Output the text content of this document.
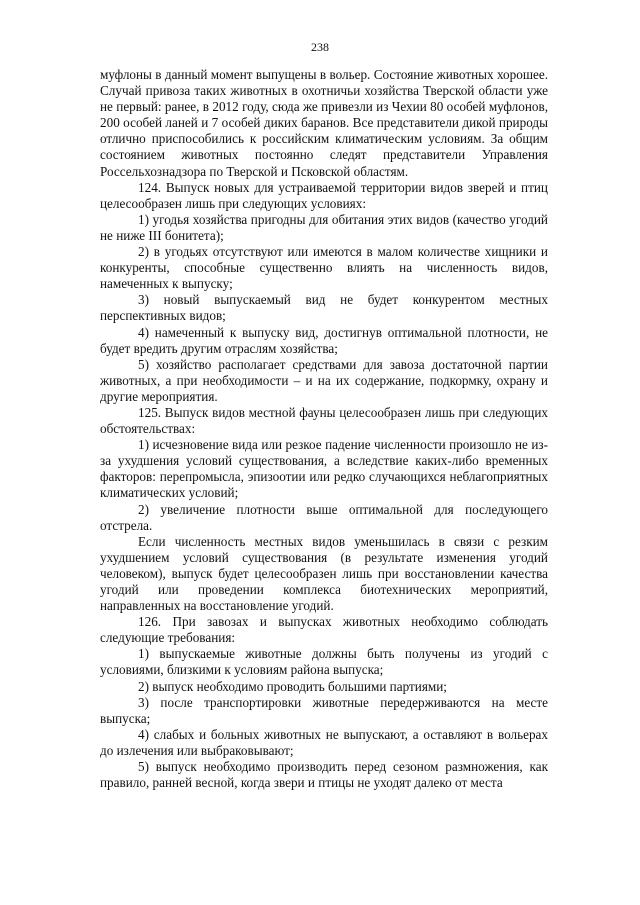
238

муфлоны в данный момент выпущены в вольер. Состояние животных хорошее. Случай привоза таких животных в охотничьи хозяйства Тверской области уже не первый: ранее, в 2012 году, сюда же привезли из Чехии 80 особей муфлонов, 200 особей ланей и 7 особей диких баранов. Все представители дикой природы отлично приспособились к российским климатическим условиям. За общим состоянием животных постоянно следят представители Управления Россельхознадзора по Тверской и Псковской областям.

124. Выпуск новых для устраиваемой территории видов зверей и птиц целесообразен лишь при следующих условиях:

1) угодья хозяйства пригодны для обитания этих видов (качество угодий не ниже III бонитета);

2) в угодьях отсутствуют или имеются в малом количестве хищники и конкуренты, способные существенно влиять на численность видов, намеченных к выпуску;

3) новый выпускаемый вид не будет конкурентом местных перспективных видов;

4) намеченный к выпуску вид, достигнув оптимальной плотности, не будет вредить другим отраслям хозяйства;

5) хозяйство располагает средствами для завоза достаточной партии животных, а при необходимости – и на их содержание, подкормку, охрану и другие мероприятия.

125. Выпуск видов местной фауны целесообразен лишь при следующих обстоятельствах:

1) исчезновение вида или резкое падение численности произошло не из-за ухудшения условий существования, а вследствие каких-либо временных факторов: перепромысла, эпизоотии или редко случающихся неблагоприятных климатических условий;

2) увеличение плотности выше оптимальной для последующего отстрела.

Если численность местных видов уменьшилась в связи с резким ухудшением условий существования (в результате изменения угодий человеком), выпуск будет целесообразен лишь при восстановлении качества угодий или проведении комплекса биотехнических мероприятий, направленных на восстановление угодий.

126. При завозах и выпусках животных необходимо соблюдать следующие требования:

1) выпускаемые животные должны быть получены из угодий с условиями, близкими к условиям района выпуска;

2) выпуск необходимо проводить большими партиями;

3) после транспортировки животные передерживаются на месте выпуска;

4) слабых и больных животных не выпускают, а оставляют в вольерах до излечения или выбраковывают;

5) выпуск необходимо производить перед сезоном размножения, как правило, ранней весной, когда звери и птицы не уходят далеко от места
